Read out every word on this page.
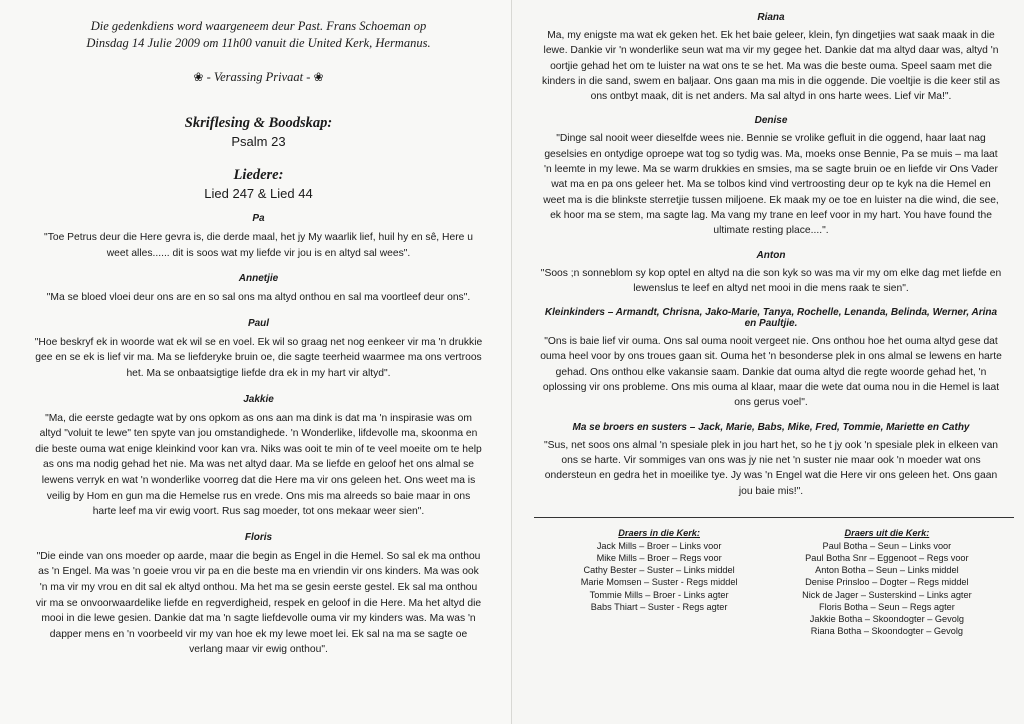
Die gedenkdiens word waargeneem deur Past. Frans Schoeman op
Dinsdag 14 Julie 2009 om 11h00 vanuit die United Kerk, Hermanus.
❀ - Verassing Privaat - ❀
Skriflesing & Boodskap:
Psalm 23
Liedere:
Lied 247 & Lied 44
Pa
"Toe Petrus deur die Here gevra is, die derde maal, het jy My waarlik lief, huil hy en sê, Here u weet alles...... dit is soos wat my liefde vir jou is en altyd sal wees".
Annetjie
"Ma se bloed vloei deur ons are en so sal ons ma altyd onthou en sal ma voortleef deur ons".
Paul
"Hoe beskryf ek in woorde wat ek wil se en voel. Ek wil so graag net nog eenkeer vir ma 'n drukkie gee en se ek is lief vir ma. Ma se liefderyke bruin oe, die sagte teerheid waarmee ma ons vertroos het. Ma se onbaatsigtige liefde dra ek in my hart vir altyd".
Jakkie
"Ma, die eerste gedagte wat by ons opkom as ons aan ma dink is dat ma 'n inspirasie was om altyd "voluit te lewe" ten spyte van jou omstandighede. 'n Wonderlike, lifdevolle ma, skoonma en die beste ouma wat enige kleinkind voor kan vra. Niks was ooit te min of te veel moeite om te help as ons ma nodig gehad het nie. Ma was net altyd daar. Ma se liefde en geloof het ons almal se lewens verryk en wat 'n wonderlike voorreg dat die Here ma vir ons geleen het. Ons weet ma is veilig by Hom en gun ma die Hemelse rus en vrede. Ons mis ma alreeds so baie maar in ons harte leef ma vir ewig voort. Rus sag moeder, tot ons mekaar weer sien".
Floris
"Die einde van ons moeder op aarde, maar die begin as Engel in die Hemel. So sal ek ma onthou as 'n Engel. Ma was 'n goeie vrou vir pa en die beste ma en vriendin vir ons kinders. Ma was ook 'n ma vir my vrou en dit sal ek altyd onthou. Ma het ma se gesin eerste gestel. Ek sal ma onthou vir ma se onvoorwaardelike liefde en regverdigheid, respek en geloof in die Here. Ma het altyd die mooi in die lewe gesien. Dankie dat ma 'n sagte liefdevolle ouma vir my kinders was. Ma was 'n dapper mens en 'n voorbeeld vir my van hoe ek my lewe moet lei. Ek sal na ma se sagte oe verlang maar vir ewig onthou".
Riana
Ma, my enigste ma wat ek geken het. Ek het baie geleer, klein, fyn dingetjies wat saak maak in die lewe. Dankie vir 'n wonderlike seun wat ma vir my gegee het. Dankie dat ma altyd daar was, altyd 'n oortjie gehad het om te luister na wat ons te se het. Ma was die beste ouma. Speel saam met die kinders in die sand, swem en baljaar. Ons gaan ma mis in die oggende. Die voeltjie is die keer stil as ons ontbyt maak, dit is net anders. Ma sal altyd in ons harte wees. Lief vir Ma!".
Denise
"Dinge sal nooit weer dieselfde wees nie. Bennie se vrolike gefluit in die oggend, haar laat nag geselsies en ontydige oproepe wat tog so tydig was. Ma, moeks onse Bennie, Pa se muis – ma laat 'n leemte in my lewe. Ma se warm drukkies en smsies, ma se sagte bruin oe en liefde vir Ons Vader wat ma en pa ons geleer het. Ma se tolbos kind vind vertroosting deur op te kyk na die Hemel en weet ma is die blinkste sterretjie tussen miljoene. Ek maak my oe toe en luister na die wind, die see, ek hoor ma se stem, ma sagte lag. Ma vang my trane en leef voor in my hart. You have found the ultimate resting place....".
Anton
"Soos ;n sonneblom sy kop optel en altyd na die son kyk so was ma vir my om elke dag met liefde en lewenslus te leef en altyd net mooi in die mens raak te sien".
Kleinkinders – Armandt, Chrisna, Jako-Marie, Tanya, Rochelle, Lenanda, Belinda, Werner, Arina en Paultjie.
"Ons is baie lief vir ouma. Ons sal ouma nooit vergeet nie. Ons onthou hoe het ouma altyd gese dat ouma heel voor by ons troues gaan sit. Ouma het 'n besonderse plek in ons almal se lewens en harte gehad. Ons onthou elke vakansie saam. Dankie dat ouma altyd die regte woorde gehad het, 'n oplossing vir ons probleme. Ons mis ouma al klaar, maar die wete dat ouma nou in die Hemel is laat ons gerus voel".
Ma se broers en susters – Jack, Marie, Babs, Mike, Fred, Tommie, Mariette en Cathy
"Sus, net soos ons almal 'n spesiale plek in jou hart het, so he t jy ook 'n spesiale plek in elkeen van ons se harte. Vir sommiges van ons was jy nie net 'n suster nie maar ook 'n moeder wat ons ondersteun en gedra het in moeilike tye. Jy was 'n Engel wat die Here vir ons geleen het. Ons gaan jou baie mis!".
Draers in die Kerk:
Jack Mills – Broer – Links voor
Mike Mills – Broer – Regs voor
Cathy Bester – Suster – Links middel
Marie Momsen – Suster - Regs middel
Tommie Mills – Broer - Links agter
Babs Thiart – Suster - Regs agter
Draers uit die Kerk:
Paul Botha – Seun – Links voor
Paul Botha Snr – Eggenoot – Regs voor
Anton Botha – Seun – Links middel
Denise Prinsloo – Dogter – Regs middel
Nick de Jager – Susterskind – Links agter
Floris Botha – Seun – Regs agter
Jakkie Botha – Skoondogter – Gevolg
Riana Botha – Skoondogter – Gevolg
